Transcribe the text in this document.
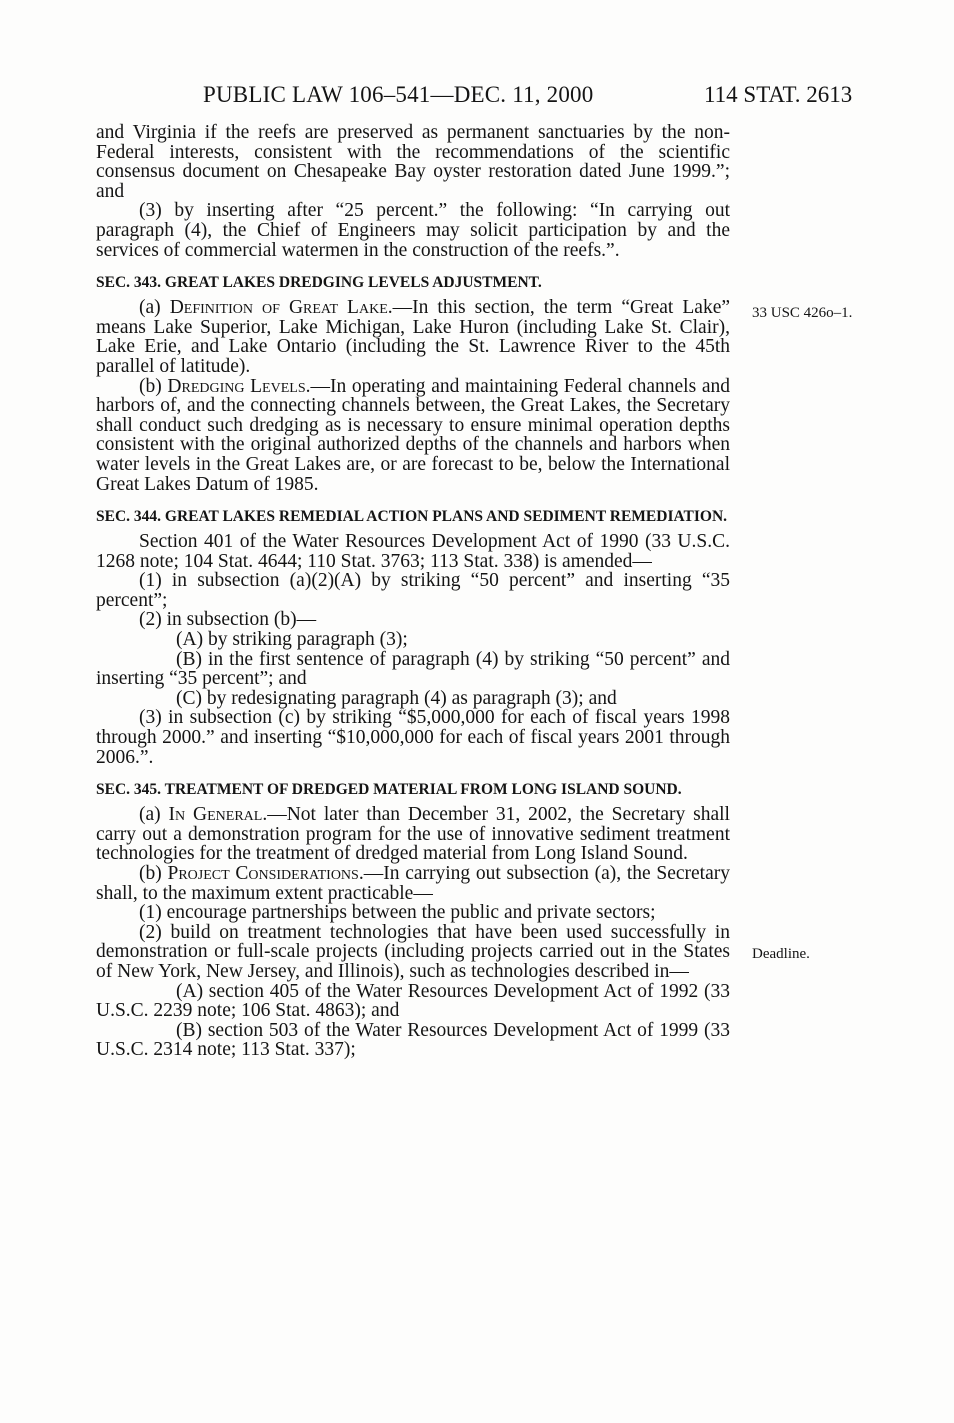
PUBLIC LAW 106–541—DEC. 11, 2000	114 STAT. 2613

and Virginia if the reefs are preserved as permanent sanctuaries by the non-Federal interests, consistent with the recommendations of the scientific consensus document on Chesapeake Bay oyster restoration dated June 1999.”; and

(3) by inserting after “25 percent.” the following: “In carrying out paragraph (4), the Chief of Engineers may solicit participation by and the services of commercial watermen in the construction of the reefs.”.

SEC. 343. GREAT LAKES DREDGING LEVELS ADJUSTMENT.

(a) Definition of Great Lake.—In this section, the term “Great Lake” means Lake Superior, Lake Michigan, Lake Huron (including Lake St. Clair), Lake Erie, and Lake Ontario (including the St. Lawrence River to the 45th parallel of latitude).

(b) Dredging Levels.—In operating and maintaining Federal channels and harbors of, and the connecting channels between, the Great Lakes, the Secretary shall conduct such dredging as is necessary to ensure minimal operation depths consistent with the original authorized depths of the channels and harbors when water levels in the Great Lakes are, or are forecast to be, below the International Great Lakes Datum of 1985.

SEC. 344. GREAT LAKES REMEDIAL ACTION PLANS AND SEDIMENT REMEDIATION.

Section 401 of the Water Resources Development Act of 1990 (33 U.S.C. 1268 note; 104 Stat. 4644; 110 Stat. 3763; 113 Stat. 338) is amended—

(1) in subsection (a)(2)(A) by striking “50 percent” and inserting “35 percent”;

(2) in subsection (b)—

(A) by striking paragraph (3);

(B) in the first sentence of paragraph (4) by striking “50 percent” and inserting “35 percent”; and

(C) by redesignating paragraph (4) as paragraph (3); and

(3) in subsection (c) by striking “$5,000,000 for each of fiscal years 1998 through 2000.” and inserting “$10,000,000 for each of fiscal years 2001 through 2006.”.

SEC. 345. TREATMENT OF DREDGED MATERIAL FROM LONG ISLAND SOUND.

(a) In General.—Not later than December 31, 2002, the Secretary shall carry out a demonstration program for the use of innovative sediment treatment technologies for the treatment of dredged material from Long Island Sound.

(b) Project Considerations.—In carrying out subsection (a), the Secretary shall, to the maximum extent practicable—

(1) encourage partnerships between the public and private sectors;

(2) build on treatment technologies that have been used successfully in demonstration or full-scale projects (including projects carried out in the States of New York, New Jersey, and Illinois), such as technologies described in—

(A) section 405 of the Water Resources Development Act of 1992 (33 U.S.C. 2239 note; 106 Stat. 4863); and

(B) section 503 of the Water Resources Development Act of 1999 (33 U.S.C. 2314 note; 113 Stat. 337);

33 USC 426o–1.
Deadline.
